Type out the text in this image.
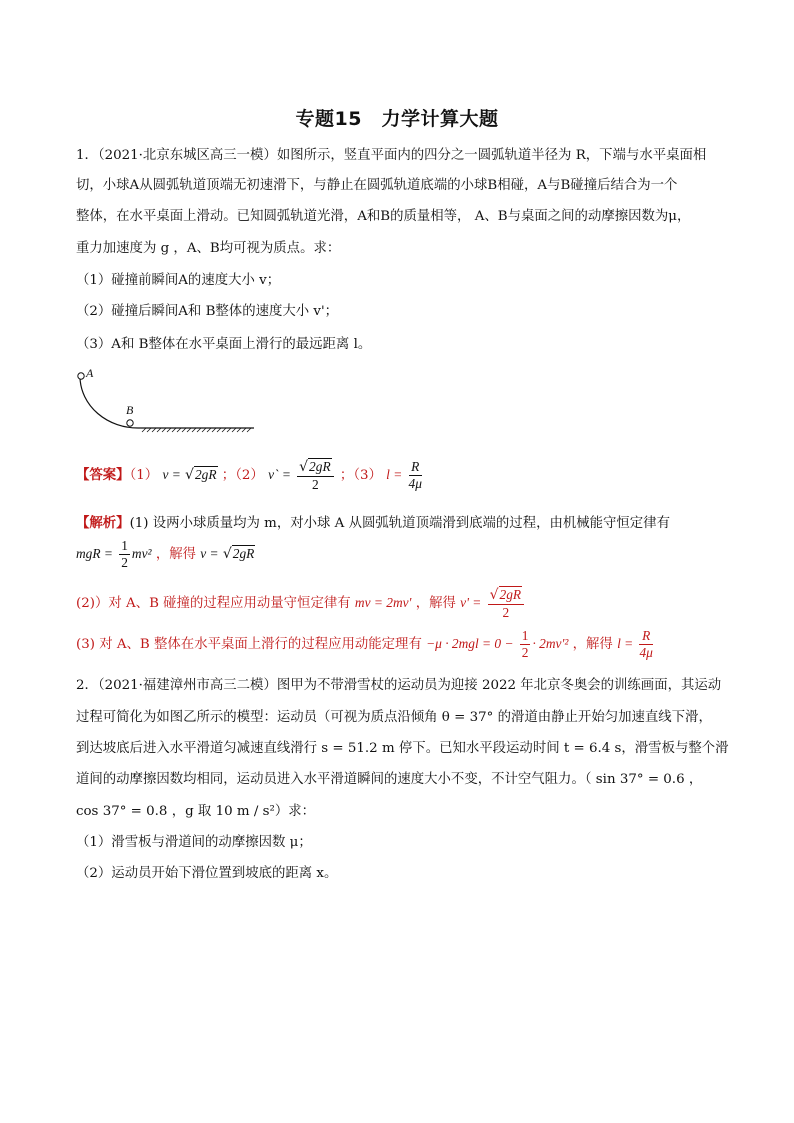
专题15　力学计算大题
1．（2021·北京东城区高三一模）如图所示，竖直平面内的四分之一圆弧轨道半径为 R，下端与水平桌面相
切，小球A从圆弧轨道顶端无初速滑下，与静止在圆弧轨道底端的小球B相碰，A与B碰撞后结合为一个
整体，在水平桌面上滑动。已知圆弧轨道光滑，A和B的质量相等， A、B与桌面之间的动摩擦因数为μ，
重力加速度为 g ，A、B均可视为质点。求：
（1）碰撞前瞬间A的速度大小 v；
（2）碰撞后瞬间A和 B整体的速度大小 v'；
（3）A和 B整体在水平桌面上滑行的最远距离 l。
A
B
【答案】（1） v = √2gR ；（2） v` = $\frac{√2gR}{2}$ ；（3） $l = \frac{R}{4\mu}$
【解析】(1) 设两小球质量均为 m，对小球 A 从圆弧轨道顶端滑到底端的过程，由机械能守恒定律有
mgR = $\frac{1}{2} mv^2$ ，解得 v = √2gR
(2)）对 A、B 碰撞的过程应用动量守恒定律有 mv = 2mv' ，解得 $v' = \frac{√2gR}{2}$
(3) 对 A、B 整体在水平桌面上滑行的过程应用动能定理有 $-\mu \cdot 2mgl = 0 - \frac{1}{2} \cdot 2mv'^2$ ，解得 $l = \frac{R}{4\mu}$
2．（2021·福建漳州市高三二模）图甲为不带滑雪杖的运动员为迎接 2022 年北京冬奥会的训练画面，其运动
过程可简化为如图乙所示的模型：运动员（可视为质点沿倾角 θ = 37° 的滑道由静止开始匀加速直线下滑，
到达坡底后进入水平滑道匀减速直线滑行 s = 51.2 m 停下。已知水平段运动时间 t = 6.4 s，滑雪板与整个滑
道间的动摩擦因数均相同，运动员进入水平滑道瞬间的速度大小不变，不计空气阻力。（ sin 37° = 0.6 ，
cos 37° = 0.8 ，g 取 10 m / s²）求：
（1）滑雪板与滑道间的动摩擦因数 μ；
（2）运动员开始下滑位置到坡底的距离 x。
